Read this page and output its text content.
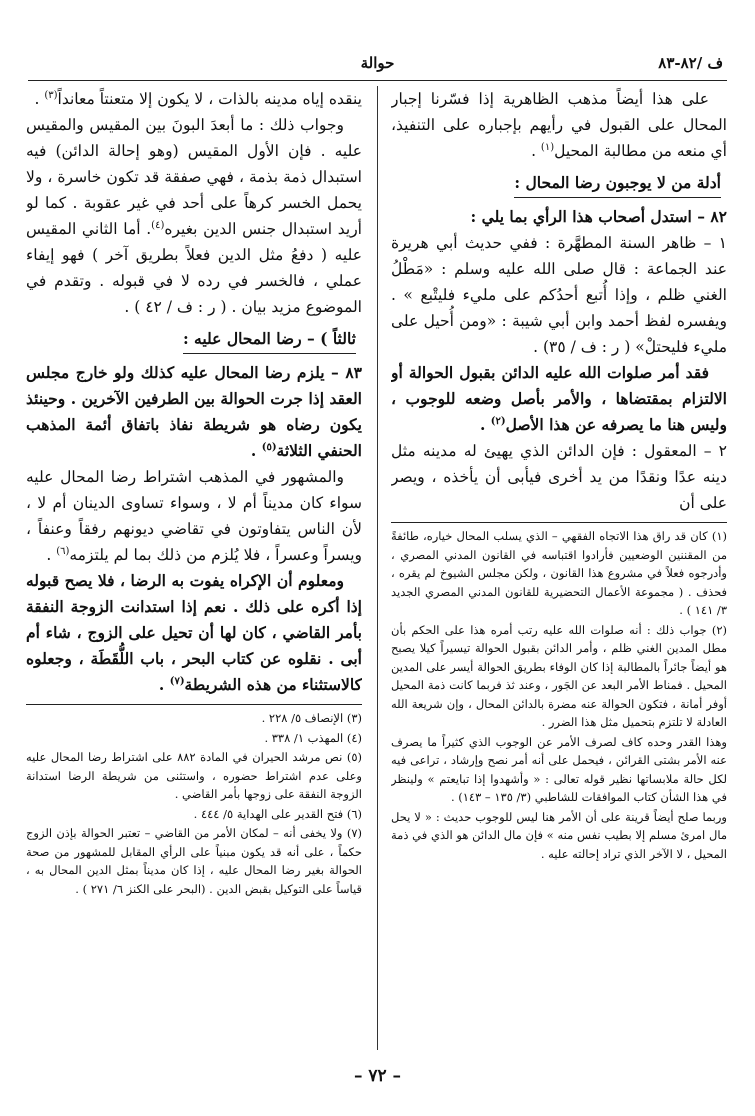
ف /٨٢-٨٣
حوالة

على هذا أيضاً مذهب الظاهرية إذا فسّرنا إجبار المحال على القبول في رأيهم بإجباره على التنفيذ، أي منعه من مطالبة المحيل$^{(١)}$ .

أدلة من لا يوجبون رضا المحال :

٨٢ – استدل أصحاب هذا الرأي بما يلي :

١ – ظاهر السنة المطهَّرة : ففي حديث أبي هريرة عند الجماعة : قال صلى الله عليه وسلم : «مَطْلُ الغني ظلم ، وإذا أُتبع أحدُكم على مليء فليتْبع » . ويفسره لفظ أحمد وابن أبي شيبة : «ومن أُحيل على مليء فليحتلْ» ( ر : ف / ٣٥) .

فقد أمر صلوات الله عليه الدائن بقبول الحوالة أو الالتزام بمقتضاها ، والأمر بأصل وضعه للوجوب ، وليس هنا ما يصرفه عن هذا الأصل$^{(٢)}$ .

٢ – المعقول : فإن الدائن الذي يهيئ له مدينه مثل دينه عدًا ونقدًا من يد أخرى فيأبى أن يأخذه ، ويصر على أن

(١) كان قد راق هذا الاتجاه الفقهي – الذي يسلب المحال خياره، طائفةً من المقننين الوضعيين فأرادوا اقتباسه في القانون المدني المصري ، وأدرجوه فعلاً في مشروع هذا القانون ، ولكن مجلس الشيوخ لم يقره ، فحذف . ( مجموعة الأعمال التحضيرية للقانون المدني المصري الجديد ٣/ ١٤١ ) .

(٢) جواب ذلك : أنه صلوات الله عليه رتب أمره هذا على الحكم بأن مطل المدين الغني ظلم ، وأمر الدائن بقبول الحوالة تيسيراً كيلا يصبح هو أيضاً جائراً بالمطالبة إذا كان الوفاء بطريق الحوالة أيسر على المدين المحيل . فمناط الأمر البعد عن الجَور ، وعند ثذ فربما كانت ذمة المحيل أوفر أمانة ، فتكون الحوالة عنه مضرة بالدائن المحال ، وإن شريعة الله العادلة لا تلتزم بتحميل مثل هذا الضرر .

وهذا القدر وحده كاف لصرف الأمر عن الوجوب الذي كثيراً ما يصرف عنه الأمر بشتى القرائن ، فيحمل على أنه أمر نصح وإرشاد ، تراعى فيه لكل حالة ملابساتها نظير قوله تعالى : « وأشهدوا إذا تبايعتم » ولينظر في هذا الشأن كتاب الموافقات للشاطبي (٣/ ١٣٥ – ١٤٣) .

وربما صلح أيضاً قرينة على أن الأمر هنا ليس للوجوب حديث : « لا يحل مال امرئ مسلم إلا بطيب نفس منه » فإن مال الدائن هو الذي في ذمة المحيل ، لا الآخر الذي تراد إحالته عليه .

ينقده إياه مدينه بالذات ، لا يكون إلا متعنتاً معانداً$^{(٣)}$ .

وجواب ذلك : ما أبعدَ البونَ بين المقيس والمقيس عليه . فإن الأول المقيس (وهو إحالة الدائن) فيه استبدال ذمة بذمة ، فهي صفقة قد تكون خاسرة ، ولا يحمل الخسر كرهاً على أحد في غير عقوبة . كما لو أريد استبدال جنس الدين بغيره$^{(٤)}$. أما الثاني المقيس عليه ( دفعُ مثل الدين فعلاً بطريق آخر ) فهو إيفاء عملي ، فالخسر في رده لا في قبوله . وتقدم في الموضوع مزيد بيان . ( ر : ف / ٤٢ ) .

ثالثاً ) – رضا المحال عليه :

٨٣ – يلزم رضا المحال عليه كذلك ولو خارج مجلس العقد إذا جرت الحوالة بين الطرفين الآخرين . وحينئذ يكون رضاه هو شريطة نفاذ باتفاق أئمة المذهب الحنفي الثلاثة$^{(٥)}$ .

والمشهور في المذهب اشتراط رضا المحال عليه سواء كان مديناً أم لا ، وسواء تساوى الدينان أم لا ، لأن الناس يتفاوتون في تقاضي ديونهم رفقاً وعنفاً ، ويسراً وعسراً ، فلا يُلزم من ذلك بما لم يلتزمه$^{(٦)}$ .

ومعلوم أن الإكراه يفوت به الرضا ، فلا يصح قبوله إذا أكره على ذلك . نعم إذا استدانت الزوجة النفقة بأمر القاضي ، كان لها أن تحيل على الزوج ، شاء أم أبى . نقلوه عن كتاب البحر ، باب اللُّقَطَة ، وجعلوه كالاستثناء من هذه الشريطة$^{(٧)}$ .

(٣) الإنصاف ٥/ ٢٢٨ .

(٤) المهذب ١/ ٣٣٨ .

(٥) نص مرشد الحيران في المادة ٨٨٢ على اشتراط رضا المحال عليه وعلى عدم اشتراط حضوره ، واستثنى من شريطة الرضا استدانة الزوجة النفقة على زوجها بأمر القاضي .

(٦) فتح القدير على الهداية ٥/ ٤٤٤ .

(٧) ولا يخفى أنه – لمكان الأمر من القاضي – تعتبر الحوالة بإذن الزوج حكماً ، على أنه قد يكون مبنياً على الرأي المقابل للمشهور من صحة الحوالة بغير رضا المحال عليه ، إذا كان مديناً بمثل الدين المحال به ، قياساً على التوكيل بقبض الدين . (البحر على الكنز ٦/ ٢٧١ ) .

– ٧٢ –
